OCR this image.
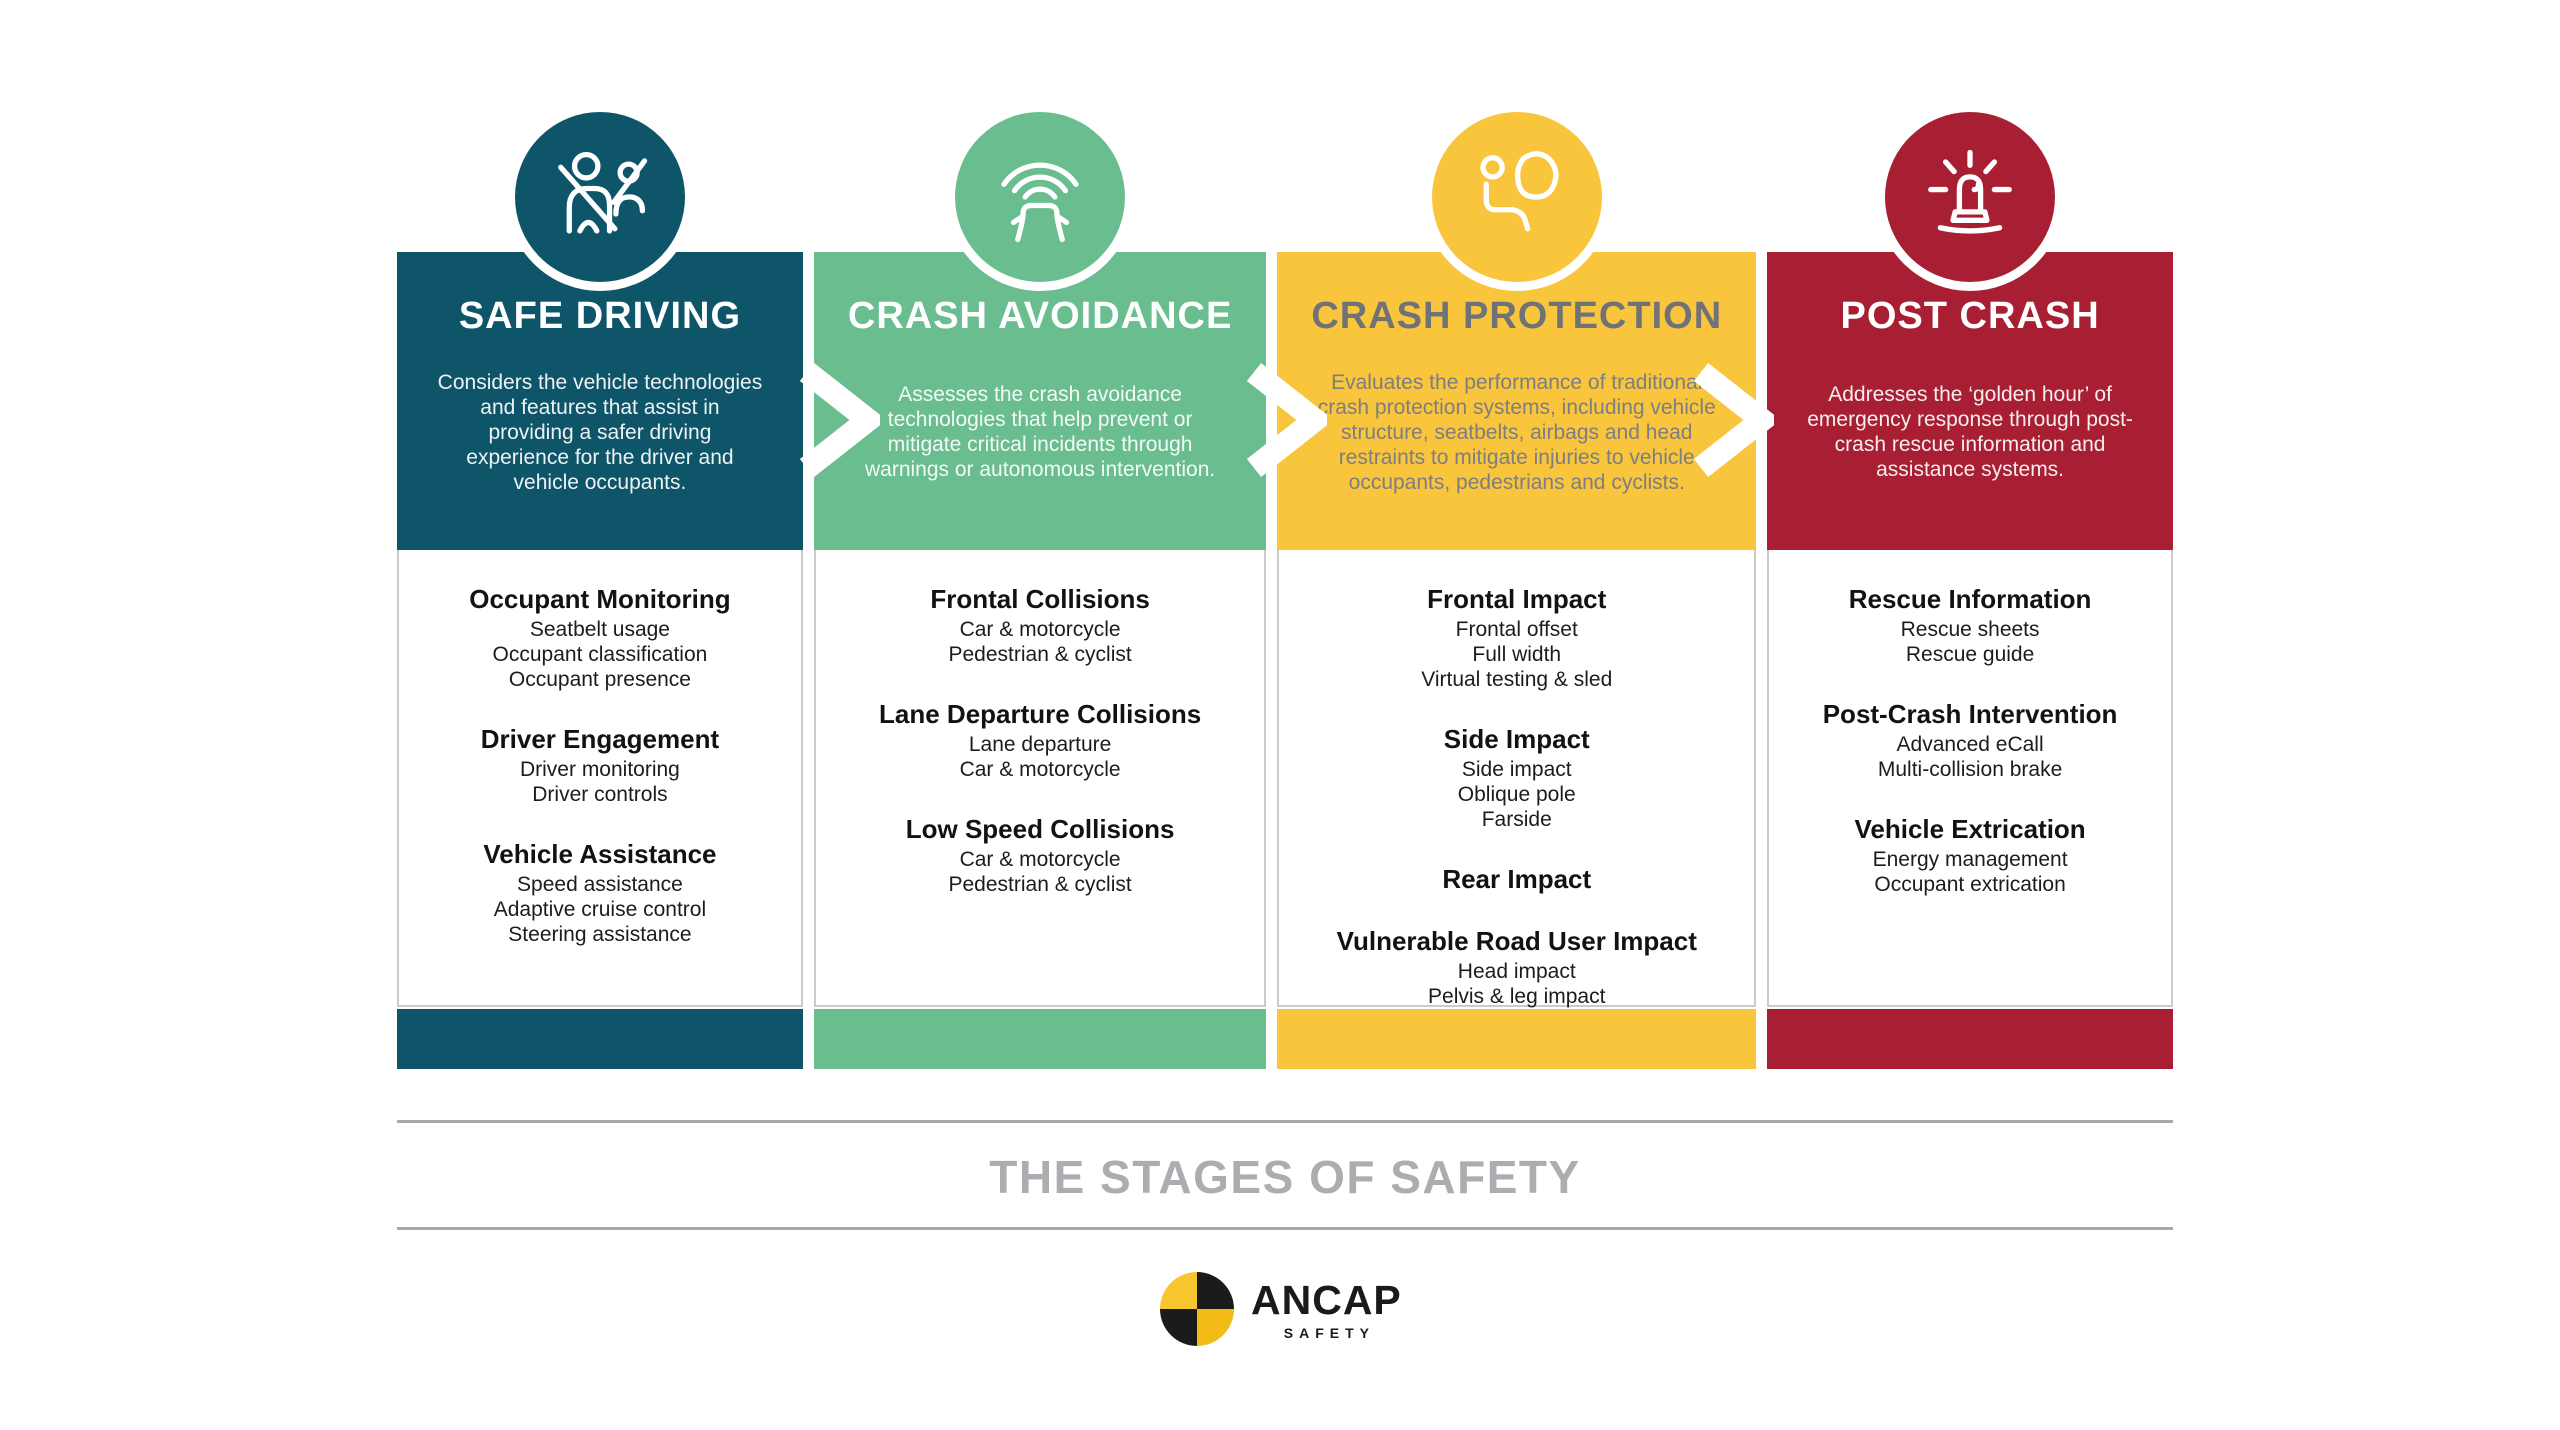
SAFE DRIVING
Considers the vehicle technologies and features that assist in providing a safer driving experience for the driver and vehicle occupants.
Occupant Monitoring
Seatbelt usage
Occupant classification
Occupant presence
Driver Engagement
Driver monitoring
Driver controls
Vehicle Assistance
Speed assistance
Adaptive cruise control
Steering assistance
CRASH AVOIDANCE
Assesses the crash avoidance technologies that help prevent or mitigate critical incidents through warnings or autonomous intervention.
Frontal Collisions
Car & motorcycle
Pedestrian & cyclist
Lane Departure Collisions
Lane departure
Car & motorcycle
Low Speed Collisions
Car & motorcycle
Pedestrian & cyclist
CRASH PROTECTION
Evaluates the performance of traditional crash protection systems, including vehicle structure, seatbelts, airbags and head restraints to mitigate injuries to vehicle occupants, pedestrians and cyclists.
Frontal Impact
Frontal offset
Full width
Virtual testing & sled
Side Impact
Side impact
Oblique pole
Farside
Rear Impact
Vulnerable Road User Impact
Head impact
Pelvis & leg impact
POST CRASH
Addresses the ‘golden hour’ of emergency response through post-crash rescue information and assistance systems.
Rescue Information
Rescue sheets
Rescue guide
Post-Crash Intervention
Advanced eCall
Multi-collision brake
Vehicle Extrication
Energy management
Occupant extrication
THE STAGES OF SAFETY
ANCAP
SAFETY
